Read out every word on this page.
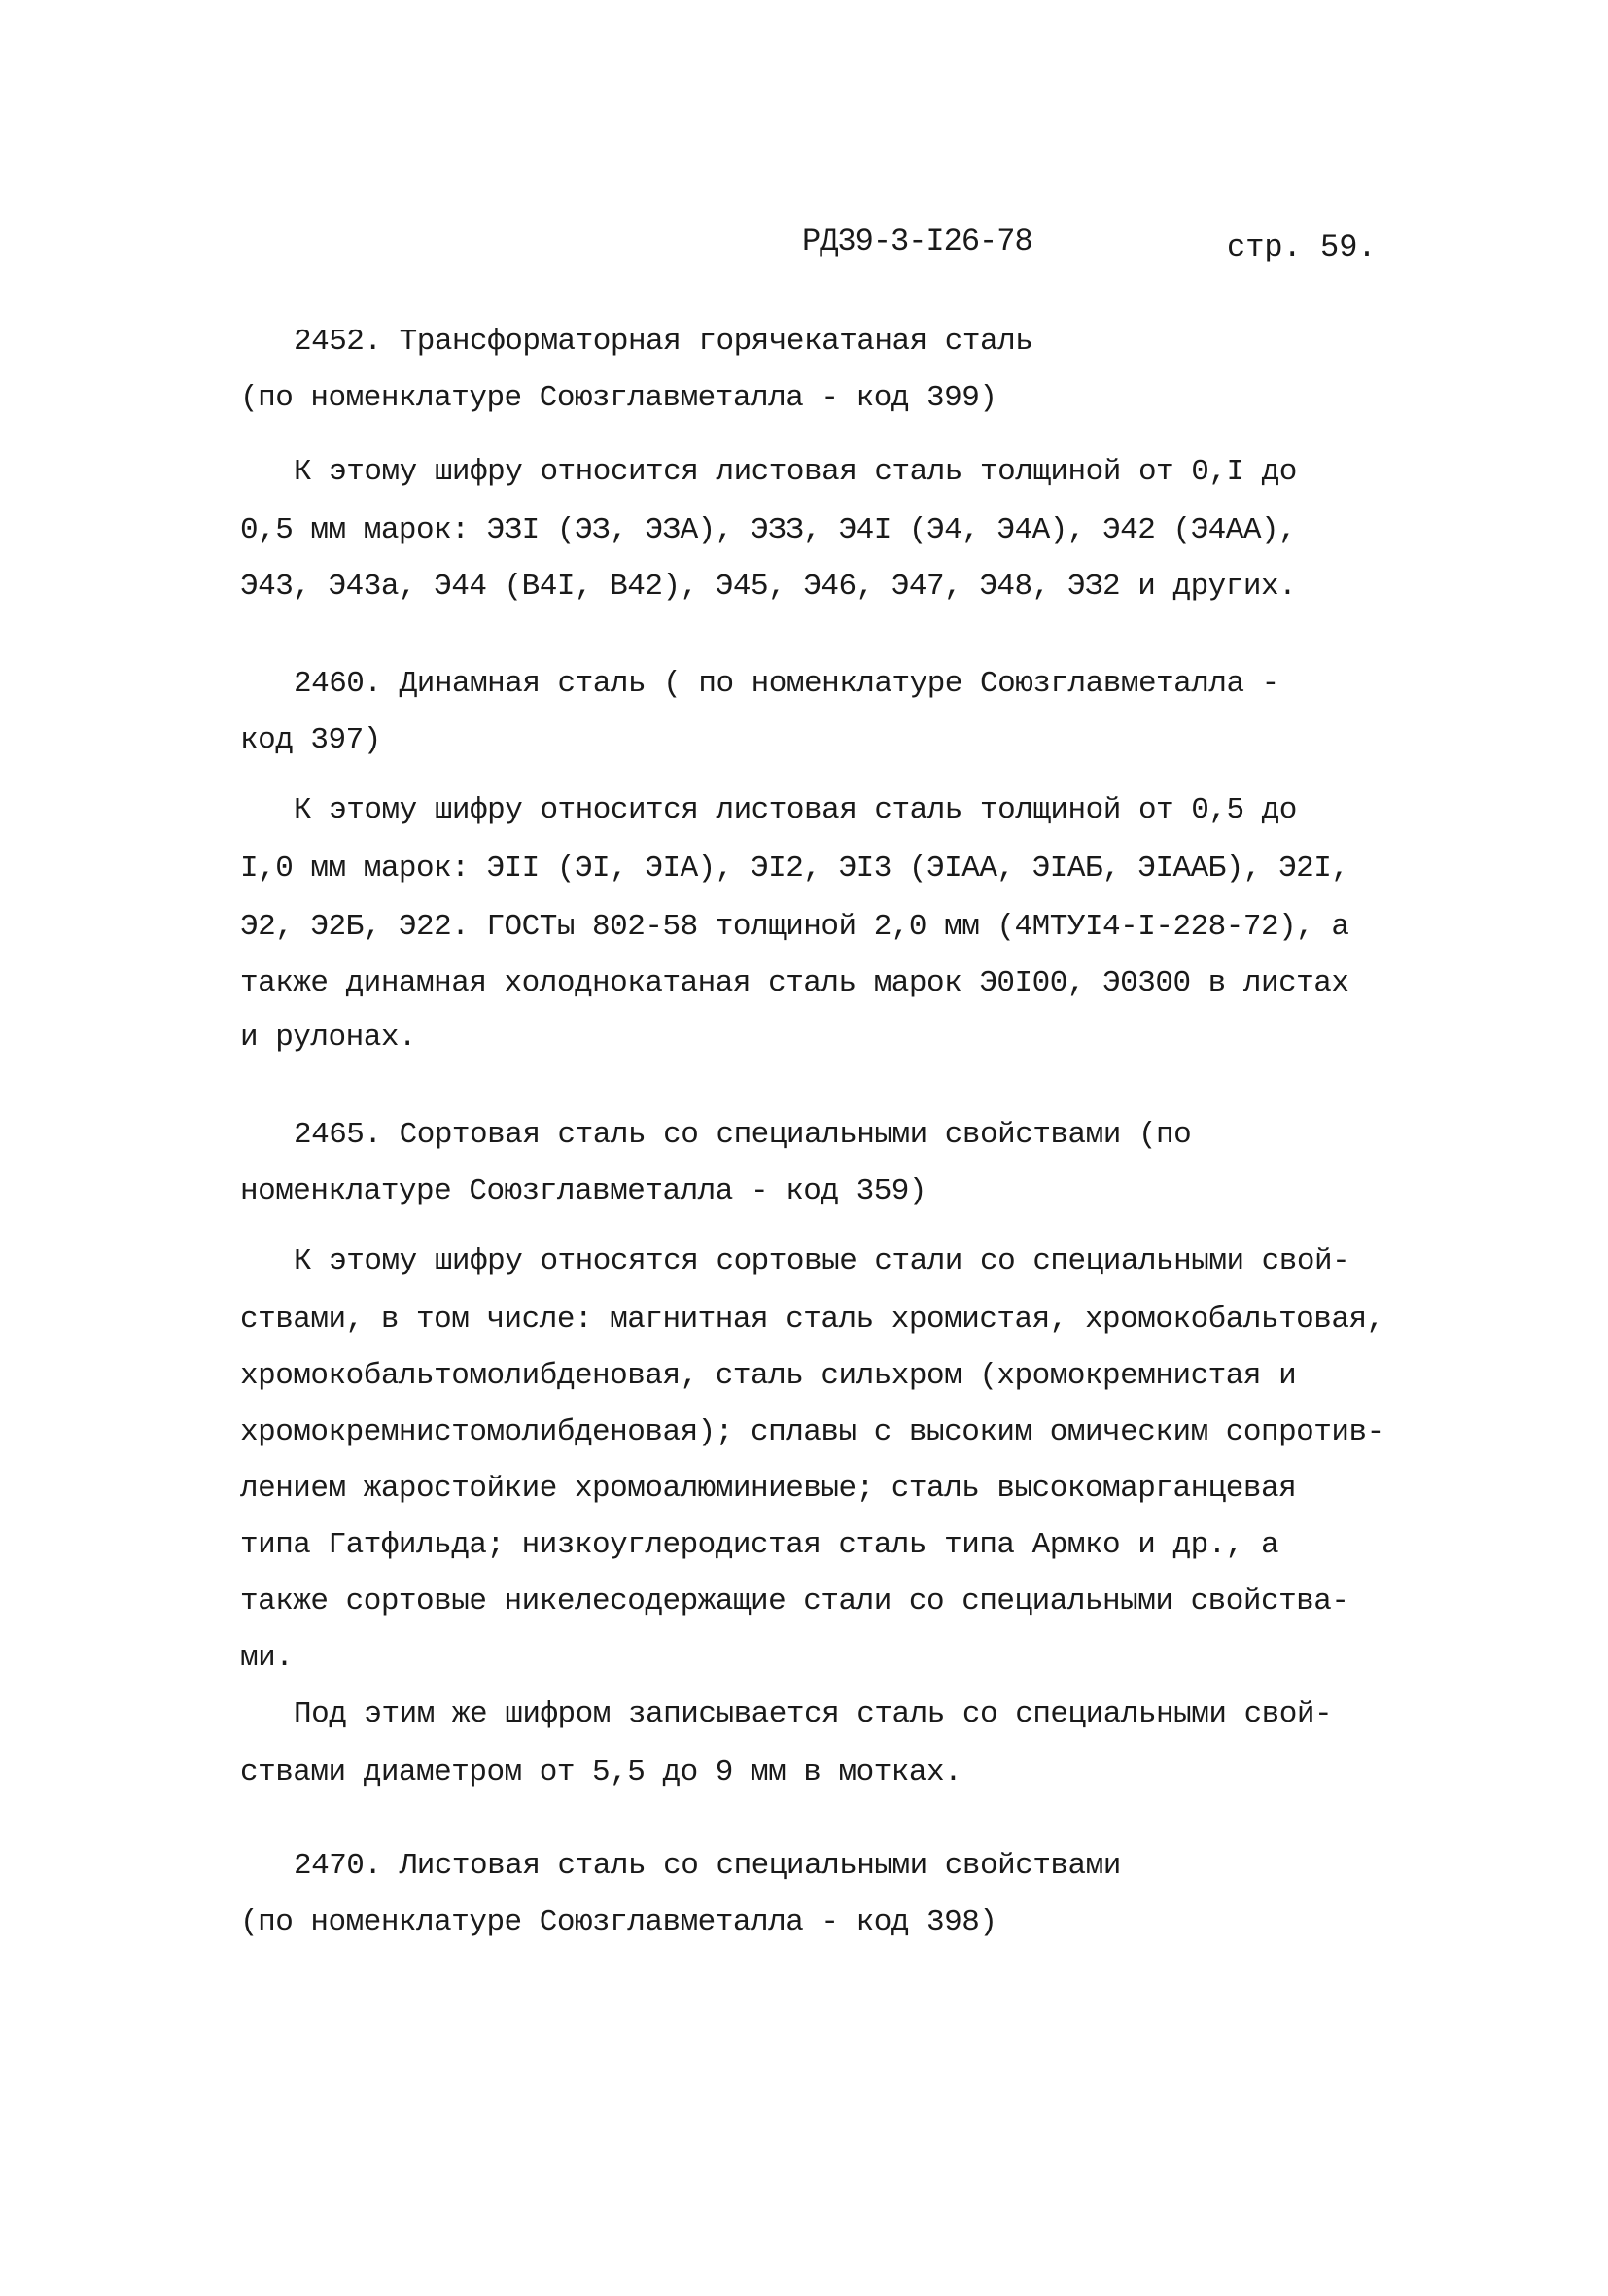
РД39-3-I26-78	стр. 59.
2452. Трансформаторная горячекатаная сталь
(по номенклатуре Союзглавметалла - код 399)
К этому шифру относится листовая сталь толщиной от 0,I до
0,5 мм марок: ЭЗI (ЭЗ, ЭЗА), ЭЗЗ, Э4I (Э4, Э4А), Э42 (Э4АА),
Э43, Э43а, Э44 (В4I, В42), Э45, Э46, Э47, Э48, ЭЗ2 и других.
2460. Динамная сталь ( по номенклатуре Союзглавметалла -
код 397)
К этому шифру относится листовая сталь толщиной от 0,5 до
I,0 мм марок: ЭII (ЭI, ЭIА), ЭI2, ЭI3 (ЭIАА, ЭIАБ, ЭIААБ), Э2I,
Э2, Э2Б, Э22. ГОСТы 802-58 толщиной 2,0 мм (4МТУI4-I-228-72), а
также динамная холоднокатаная сталь марок Э0I00, Э0300 в листах
и рулонах.
2465. Сортовая сталь со специальными свойствами (по
номенклатуре Союзглавметалла - код 359)
К этому шифру относятся сортовые стали со специальными свой-
ствами, в том числе: магнитная сталь хромистая, хромокобальтовая,
хромокобальтомолибденовая, сталь сильхром (хромокремнистая и
хромокремнистомолибденовая); сплавы с высоким омическим сопротив-
лением жаростойкие хромоалюминиевые; сталь высокомарганцевая
типа Гатфильда; низкоуглеродистая сталь типа Армко и др., а
также сортовые никелесодержащие стали со специальными свойства-
ми.
Под этим же шифром записывается сталь со специальными свой-
ствами диаметром от 5,5 до 9 мм в мотках.
2470. Листовая сталь со специальными свойствами
(по номенклатуре Союзглавметалла - код 398)
